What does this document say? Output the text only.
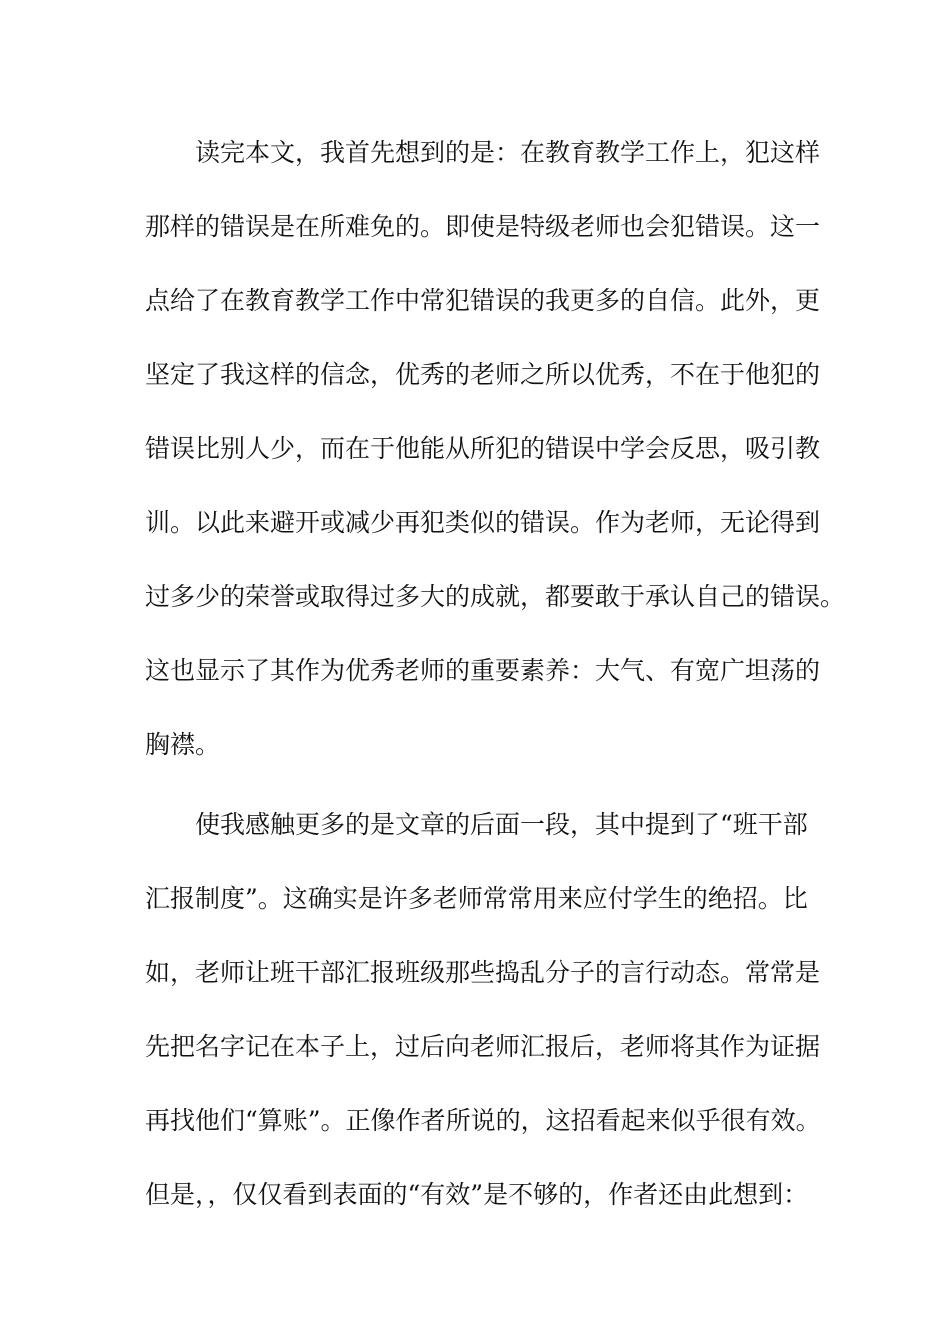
读完本文，我首先想到的是：在教育教学工作上，犯这样
那样的错误是在所难免的。即使是特级老师也会犯错误。这一
点给了在教育教学工作中常犯错误的我更多的自信。此外，更
坚定了我这样的信念，优秀的老师之所以优秀，不在于他犯的
错误比别人少，而在于他能从所犯的错误中学会反思，吸引教
训。以此来避开或减少再犯类似的错误。作为老师，无论得到
过多少的荣誉或取得过多大的成就，都要敢于承认自己的错误。
这也显示了其作为优秀老师的重要素养：大气、有宽广坦荡的
胸襟。
使我感触更多的是文章的后面一段，其中提到了“班干部
汇报制度”。这确实是许多老师常常用来应付学生的绝招。比
如，老师让班干部汇报班级那些捣乱分子的言行动态。常常是
先把名字记在本子上，过后向老师汇报后，老师将其作为证据
再找他们“算账”。正像作者所说的，这招看起来似乎很有效。
但是，，仅仅看到表面的“有效”是不够的，作者还由此想到：
